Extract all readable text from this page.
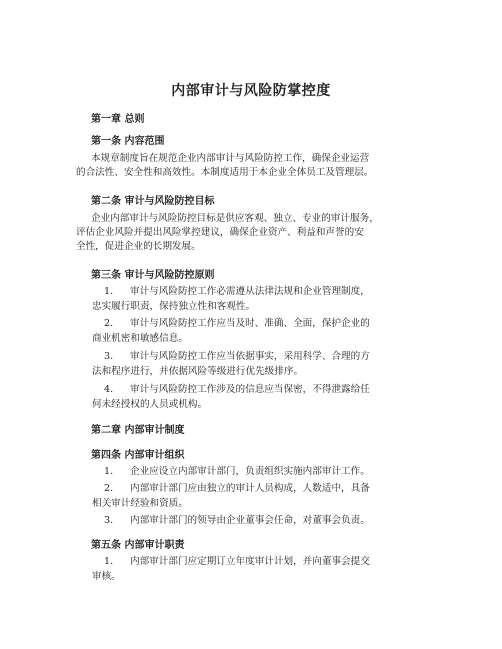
内部审计与风险防掌控度
第一章 总则
第一条 内容范围
本规章制度旨在规范企业内部审计与风险防控工作，确保企业运营
的合法性、安全性和高效性。本制度适用于本企业全体员工及管理层。
第二条 审计与风险防控目标
企业内部审计与风险防控目标是供应客观、独立、专业的审计服务，
评估企业风险并提出风险掌控建议，确保企业资产、利益和声誉的安
全性，促进企业的长期发展。
第三条 审计与风险防控原则
1. 审计与风险防控工作必需遵从法律法规和企业管理制度，
忠实履行职责，保持独立性和客观性。
2. 审计与风险防控工作应当及时、准确、全面，保护企业的
商业机密和敏感信息。
3. 审计与风险防控工作应当依据事实，采用科学、合理的方
法和程序进行，并依据风险等级进行优先级排序。
4. 审计与风险防控工作涉及的信息应当保密，不得泄露给任
何未经授权的人员或机构。
第二章 内部审计制度
第四条 内部审计组织
1. 企业应设立内部审计部门，负责组织实施内部审计工作。
2. 内部审计部门应由独立的审计人员构成，人数适中，具备
相关审计经验和资质。
3. 内部审计部门的领导由企业董事会任命，对董事会负责。
第五条 内部审计职责
1. 内部审计部门应定期订立年度审计计划，并向董事会提交
审核。
